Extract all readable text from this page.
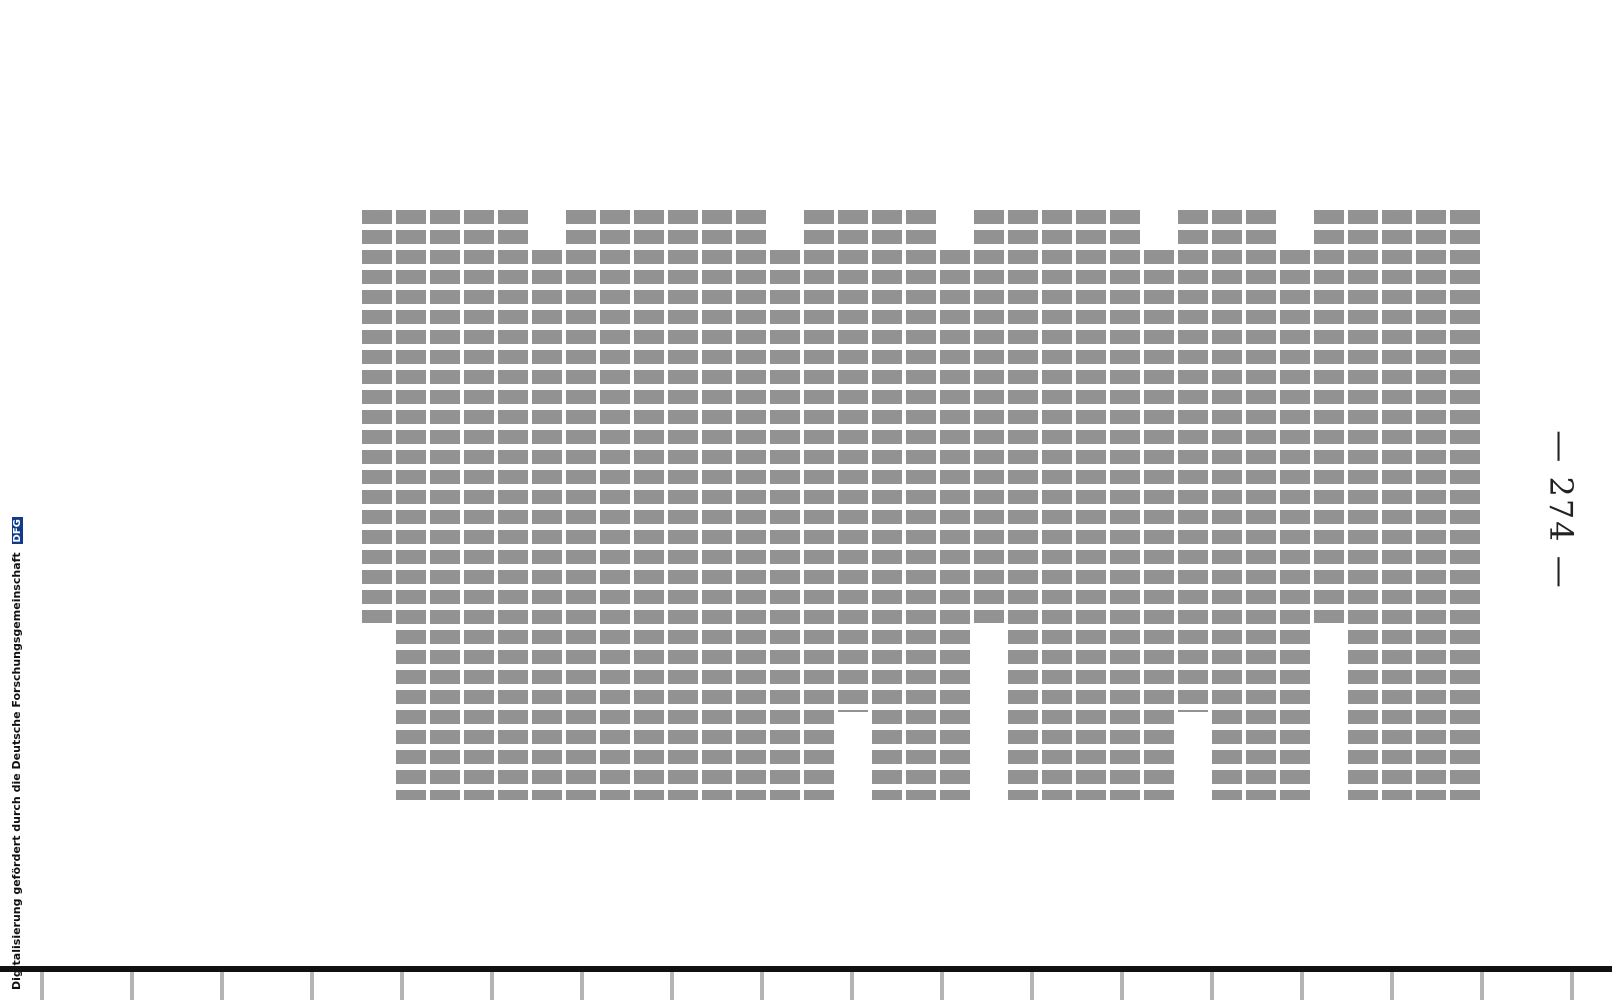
— 274 —
Digitalisierung gefördert durch die Deutsche Forschungsgemeinschaft DFG
